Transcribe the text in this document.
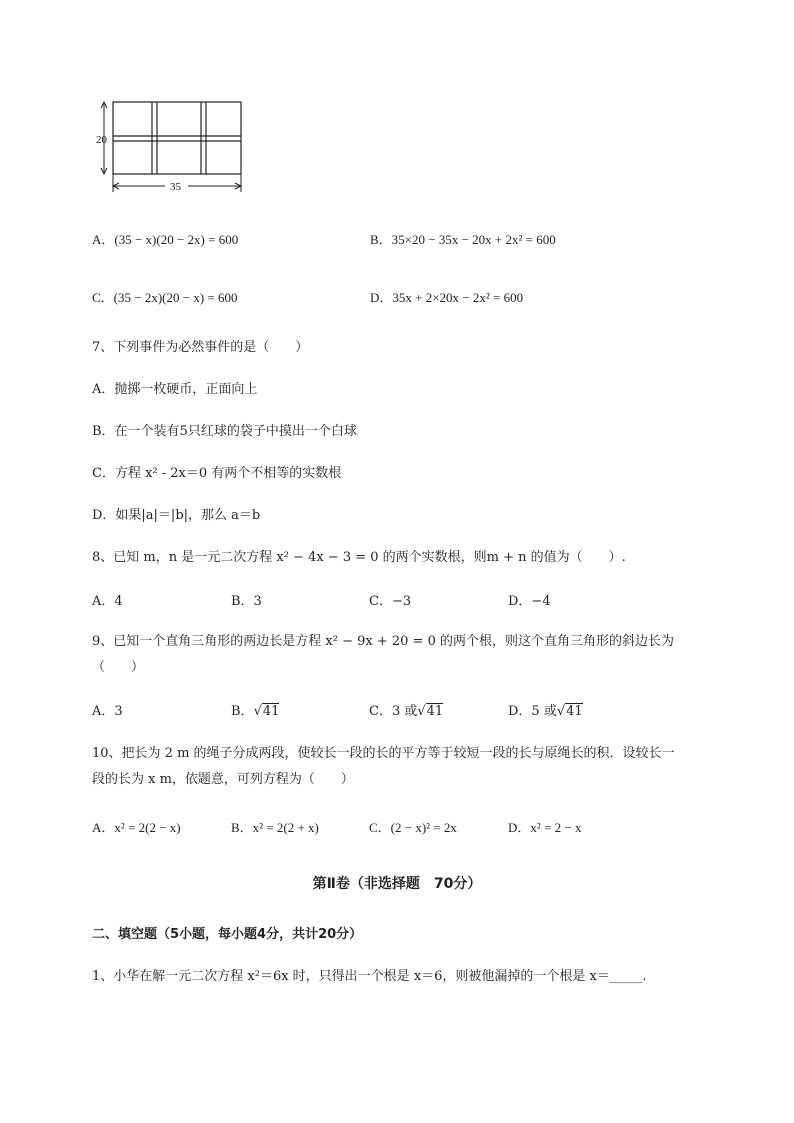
20
35
A．(35 − x)(20 − 2x) = 600	B．35×20 − 35x − 20x + 2x² = 600
C．(35 − 2x)(20 − x) = 600	D．35x + 2×20x − 2x² = 600
7、下列事件为必然事件的是（　　）
A．抛掷一枚硬币，正面向上
B．在一个装有5只红球的袋子中摸出一个白球
C．方程 x² - 2x＝0 有两个不相等的实数根
D．如果|a|＝|b|，那么 a＝b
8、已知 m，n 是一元二次方程 x² − 4x − 3 = 0 的两个实数根，则m + n 的值为（　　）.
A．4	B．3	C．−3	D．−4
9、已知一个直角三角形的两边长是方程 x² − 9x + 20 = 0 的两个根，则这个直角三角形的斜边长为
（　　）
A．3	B．√41	C．3 或√41	D．5 或√41
10、把长为 2 m 的绳子分成两段，使较长一段的长的平方等于较短一段的长与原绳长的积．设较长一
段的长为 x m，依题意，可列方程为（　　）
A．x² = 2(2 − x)	B．x² = 2(2 + x)	C．(2 − x)² = 2x	D．x² = 2 − x
第Ⅱ卷（非选择题　70分）
二、填空题（5小题，每小题4分，共计20分）
1、小华在解一元二次方程 x²＝6x 时，只得出一个根是 x＝6，则被他漏掉的一个根是 x＝_____.
